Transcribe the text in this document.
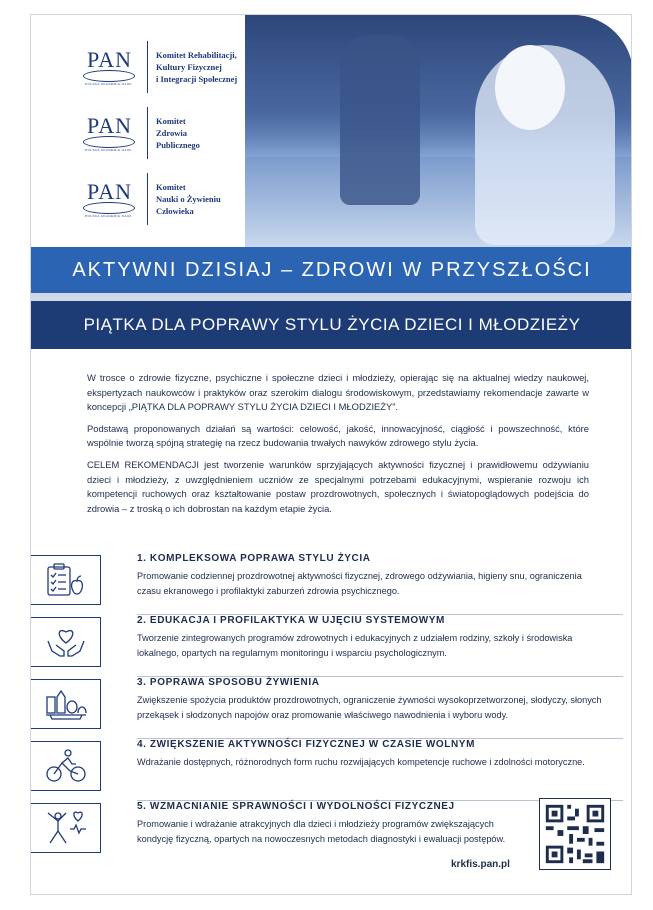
PAN
POLSKA AKADEMIA NAUK
Komitet Rehabilitacji,
Kultury Fizycznej
i Integracji Społecznej
PAN
POLSKA AKADEMIA NAUK
Komitet
Zdrowia
Publicznego
PAN
POLSKA AKADEMIA NAUK
Komitet
Nauki o Żywieniu
Człowieka
AKTYWNI DZISIAJ – ZDROWI W PRZYSZŁOŚCI
PIĄTKA DLA POPRAWY STYLU ŻYCIA DZIECI I MŁODZIEŻY

W trosce o zdrowie fizyczne, psychiczne i społeczne dzieci i młodzieży, opierając się na aktualnej wiedzy naukowej, ekspertyzach naukowców i praktyków oraz szerokim dialogu środowiskowym, przedstawiamy rekomendacje zawarte w koncepcji „PIĄTKA DLA POPRAWY STYLU ŻYCIA DZIECI I MŁODZIEŻY”.

Podstawą proponowanych działań są wartości: celowość, jakość, innowacyjność, ciągłość i powszechność, które wspólnie tworzą spójną strategię na rzecz budowania trwałych nawyków zdrowego stylu życia.

CELEM REKOMENDACJI jest tworzenie warunków sprzyjających aktywności fizycznej i prawidłowemu odżywianiu dzieci i młodzieży, z uwzględnieniem uczniów ze specjalnymi potrzebami edukacyjnymi, wspieranie rozwoju ich kompetencji ruchowych oraz kształtowanie postaw prozdrowotnych, społecznych i światopoglądowych podejścia do zdrowia – z troską o ich dobrostan na każdym etapie życia.

1. KOMPLEKSOWA POPRAWA STYLU ŻYCIA
Promowanie codziennej prozdrowotnej aktywności fizycznej, zdrowego odżywiania, higieny snu, ograniczenia czasu ekranowego i profilaktyki zaburzeń zdrowia psychicznego.
2. EDUKACJA I PROFILAKTYKA W UJĘCIU SYSTEMOWYM
Tworzenie zintegrowanych programów zdrowotnych i edukacyjnych z udziałem rodziny, szkoły i środowiska lokalnego, opartych na regularnym monitoringu i wsparciu psychologicznym.
3. POPRAWA SPOSOBU ŻYWIENIA
Zwiększenie spożycia produktów prozdrowotnych, ograniczenie żywności wysokoprzetworzonej, słodyczy, słonych przekąsek i słodzonych napojów oraz promowanie właściwego nawodnienia i wyboru wody.
4. ZWIĘKSZENIE AKTYWNOŚCI FIZYCZNEJ W CZASIE WOLNYM
Wdrażanie dostępnych, różnorodnych form ruchu rozwijających kompetencje ruchowe i zdolności motoryczne.
5. WZMACNIANIE SPRAWNOŚCI I WYDOLNOŚCI FIZYCZNEJ
Promowanie i wdrażanie atrakcyjnych dla dzieci i młodzieży programów zwiększających kondycję fizyczną, opartych na nowoczesnych metodach diagnostyki i ewaluacji postępów.
krkfis.pan.pl
